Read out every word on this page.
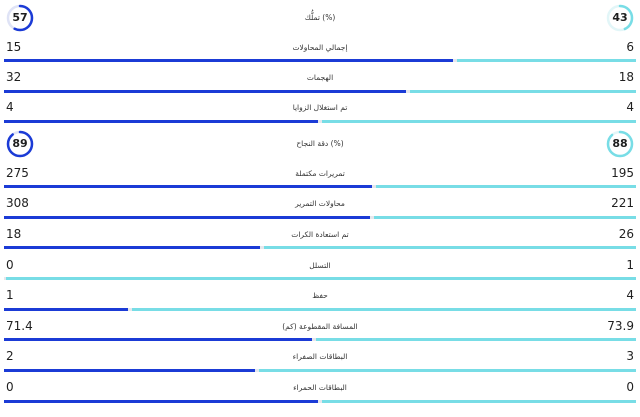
57	تملُّك (%)	43
15	إجمالي المحاولات	6
32	الهجمات	18
4	تم استغلال الزوايا	4
89	دقة النجاح (%)	88
275	تمريرات مكتملة	195
308	محاولات التمرير	221
18	تم استعادة الكرات	26
0	التسلل	1
1	حفظ	4
71.4	المسافة المقطوعة (كم)	73.9
2	البطاقات الصفراء	3
0	البطاقات الحمراء	0
